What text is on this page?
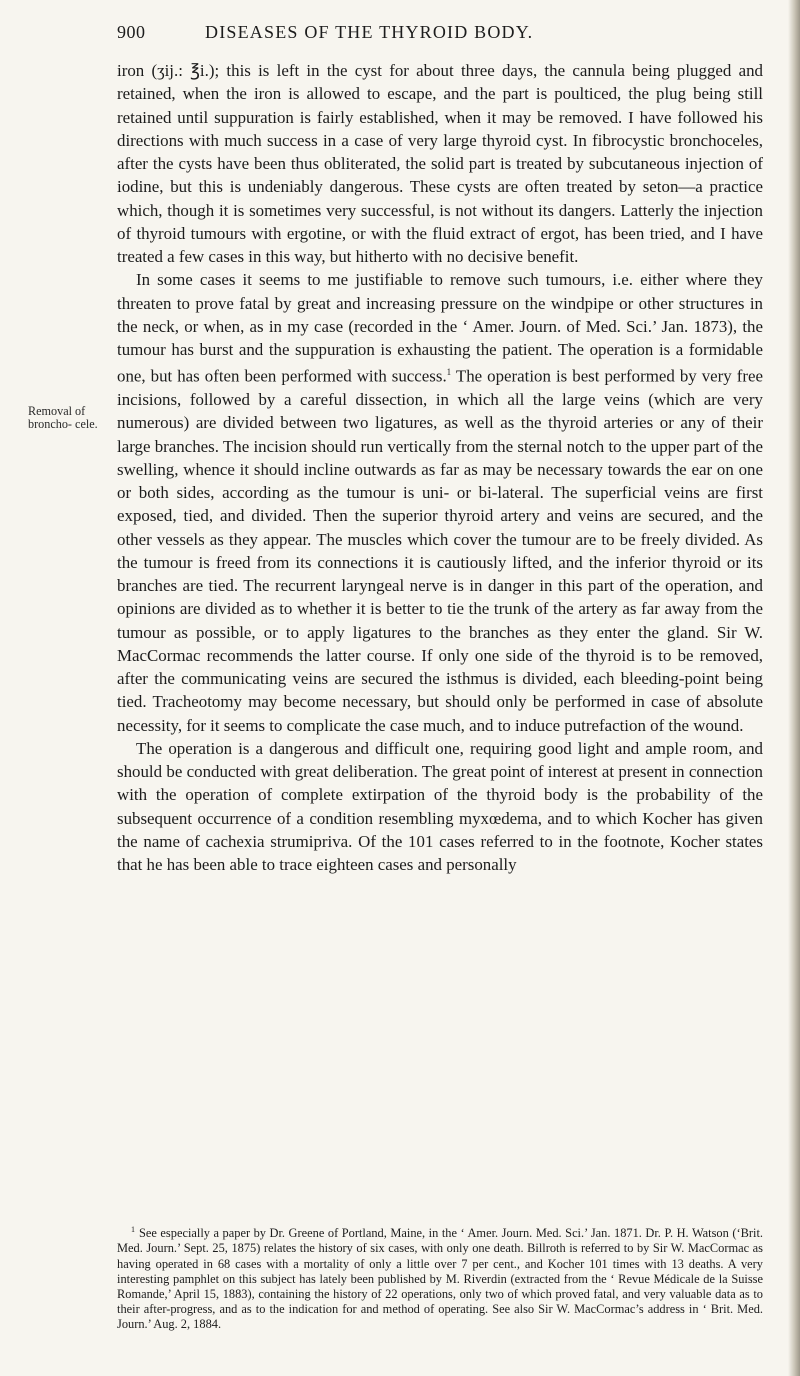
900	DISEASES OF THE THYROID BODY.
Removal of broncho- cele.

iron (ʒij.: ℥i.); this is left in the cyst for about three days, the cannula being plugged and retained, when the iron is allowed to escape, and the part is poulticed, the plug being still retained until suppuration is fairly established, when it may be removed. I have followed his directions with much success in a case of very large thyroid cyst. In fibrocystic bronchoceles, after the cysts have been thus obliterated, the solid part is treated by subcutaneous injection of iodine, but this is undeniably dangerous. These cysts are often treated by seton—a practice which, though it is sometimes very successful, is not without its dangers. Latterly the injection of thyroid tumours with ergotine, or with the fluid extract of ergot, has been tried, and I have treated a few cases in this way, but hitherto with no decisive benefit.

In some cases it seems to me justifiable to remove such tumours, i.e. either where they threaten to prove fatal by great and increasing pressure on the windpipe or other structures in the neck, or when, as in my case (recorded in the ‘ Amer. Journ. of Med. Sci.’ Jan. 1873), the tumour has burst and the suppuration is exhausting the patient. The operation is a formidable one, but has often been performed with success.$^1$ The operation is best performed by very free incisions, followed by a careful dissection, in which all the large veins (which are very numerous) are divided between two ligatures, as well as the thyroid arteries or any of their large branches. The incision should run vertically from the sternal notch to the upper part of the swelling, whence it should incline outwards as far as may be necessary towards the ear on one or both sides, according as the tumour is uni- or bi-lateral. The superficial veins are first exposed, tied, and divided. Then the superior thyroid artery and veins are secured, and the other vessels as they appear. The muscles which cover the tumour are to be freely divided. As the tumour is freed from its connections it is cautiously lifted, and the inferior thyroid or its branches are tied. The recurrent laryngeal nerve is in danger in this part of the operation, and opinions are divided as to whether it is better to tie the trunk of the artery as far away from the tumour as possible, or to apply ligatures to the branches as they enter the gland. Sir W. MacCormac recommends the latter course. If only one side of the thyroid is to be removed, after the communicating veins are secured the isthmus is divided, each bleeding-point being tied. Tracheotomy may become necessary, but should only be performed in case of absolute necessity, for it seems to complicate the case much, and to induce putrefaction of the wound.

The operation is a dangerous and difficult one, requiring good light and ample room, and should be conducted with great deliberation. The great point of interest at present in connection with the operation of complete extirpation of the thyroid body is the probability of the subsequent occurrence of a condition resembling myxœdema, and to which Kocher has given the name of cachexia strumipriva. Of the 101 cases referred to in the footnote, Kocher states that he has been able to trace eighteen cases and personally

$^1$ See especially a paper by Dr. Greene of Portland, Maine, in the ‘ Amer. Journ. Med. Sci.’ Jan. 1871. Dr. P. H. Watson (‘Brit. Med. Journ.’ Sept. 25, 1875) relates the history of six cases, with only one death. Billroth is referred to by Sir W. MacCormac as having operated in 68 cases with a mortality of only a little over 7 per cent., and Kocher 101 times with 13 deaths. A very interesting pamphlet on this subject has lately been published by M. Riverdin (extracted from the ‘ Revue Médicale de la Suisse Romande,’ April 15, 1883), containing the history of 22 operations, only two of which proved fatal, and very valuable data as to their after-progress, and as to the indication for and method of operating. See also Sir W. MacCormac’s address in ‘ Brit. Med. Journ.’ Aug. 2, 1884.
